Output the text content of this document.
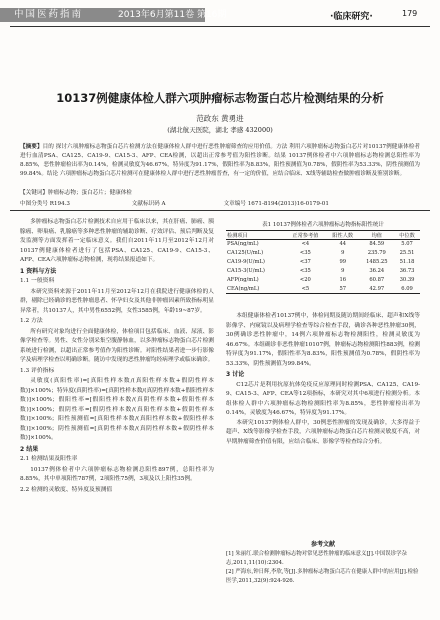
中国医药指南	2013年6月第11卷 第16期	·临床研究·	179
10137例健康体检人群六项肿瘤标志物蛋白芯片检测结果的分析
范政东 黄勇进
(湖北航天医院，湖北 孝感 432000)
【摘要】目的 探讨六项肿瘤标志物蛋白芯片检测方法在健康体检人群中进行恶性肿瘤筛查的应用价值。方法 利用六项肿瘤标志物蛋白芯片对10137例健康体检者进行血清PSA、CA125、CA19-9、CA15-3、AFP、CEA检测，以超出正常参考值为阳性诊断。结果 10137例体检者中六项肿瘤标志物检测总阳性率为8.85%，恶性肿瘤检出率为0.14%，检测灵敏度为46.67%，特异度为91.17%，假阳性率为8.83%，阳性预测值为0.78%，假阴性率为53.33%，阴性预测值为99.84%。结论 六项肿瘤标志物蛋白芯片检测可在健康体检人群中进行恶性肿瘤普查，有一定的价值，应结合临床、X线等辅助检查做肿瘤诊断及鉴别诊断。
【关键词】肿瘤标志物；蛋白芯片；健康体检
中图分类号 R194.3	文献标识码 A	文章编号 1671-8194(2013)16-0179-01

多肿瘤标志物蛋白芯片检测技术自应用于临床以来，其在肝癌、肺癌、胰腺癌、卵巢癌、乳腺癌等多种恶性肿瘤的辅助诊断、疗效评估、预后判断及复发监测等方面发挥着一定临床意义。我们自2011年11月至2012年12月对10137例健康体检者进行了包括PSA、CA125、CA19-9、CA15-3、AFP、CEA六项肿瘤标志物检测，现将结果报道如下。

1 资料与方法
1.1 一般资料

本研究资料来源于2011年11月至2012年12月在我院进行健康体检的人群，剔除已经确诊的恶性肿瘤患者、怀孕妇女及其他非肿瘤因素所致指标明显异常者，共10137人，其中男性6552例，女性3585例，年龄19~87岁。

1.2 方法

所有研究对象均进行全面健康体检，体检项目包括临床、血液、尿液、影像学检查等。男性、女性分别采集空腹静脉血，以多肿瘤标志物蛋白芯片检测系统进行检测，以超出正常参考值作为阳性诊断。对阳性结果者进一步行影像学及病理学检查以明确诊断。随访中发现的恶性肿瘤均经病理学或临床确诊。

1.3 评价指标

灵敏度(真阳性率)=[真阳性样本数/(真阳性样本数+假阴性样本数)]×100%；特异度(真阴性率)=[真阴性样本数/(真阴性样本数+假阳性样本数)]×100%；假阳性率=[假阳性样本数/(真阴性样本数+假阳性样本数)]×100%；假阴性率=[假阴性样本数/(真阳性样本数+假阴性样本数)]×100%；阳性预测值=[真阳性样本数/(真阳性样本数+假阳性样本数)]×100%；阴性预测值=[真阴性样本数/(真阴性样本数+假阴性样本数)]×100%。

2 结果
2.1 检测结果及阳性率

10137例体检者中六项肿瘤标志物检测总阳性897例，总阳性率为8.85%，其中单项阳性787例，2项阳性75例，3项及以上阳性35例。

2.2 检测的灵敏度、特异度及预测值
表1 10137例体检者六项肿瘤标志物指标阳性统计
检测项目	正常参考值	阳性人数	均值	中位数
PSA(ng/mL)	<4	44	84.59	5.07
CA125(U/mL)	<35	9	235.79	25.51
CA19-9(U/mL)	<37	99	1485.25	51.18
CA15-3(U/mL)	<35	9	36.24	36.73
AFP(ng/mL)	<20	16	60.87	30.39
CEA(ng/mL)	<5	57	42.97	6.09

本组健康体检者10137例中，体检同期及随访期间经临床、超声和X线等影像学、内窥镜以及病理学检查等综合检查手段，确诊各种恶性肿瘤30例，30例确诊恶性肿瘤中，14例六项肿瘤标志物检测阳性，检测灵敏度为46.67%。本组确诊非恶性肿瘤10107例，肿瘤标志物检测阳性883例，检测特异度为91.17%，假阳性率为8.83%，阳性预测值为0.78%，假阴性率为53.33%，阴性预测值为99.84%。

3 讨论

C12芯片是利用抗原抗体免疫反应原理同时检测PSA、CA125、CA19-9、CA15-3、AFP、CEA等12项指标，本研究对其中6项进行检测分析。本组体检人群中六项肿瘤标志物检测阳性率为8.85%，恶性肿瘤检出率为0.14%，灵敏度为46.67%，特异度为91.17%。

本研究10137例体检人群中，30例恶性肿瘤的发现及确诊，大多得益于超声、X线等影像学检查手段，六项肿瘤标志物蛋白芯片检测灵敏度不高，对早期肿瘤筛查价值有限，应结合临床、影像学等检查综合分析。

参考文献
[1] 朱丽红.联合检测肿瘤标志物对常见恶性肿瘤的临床意义[J].中国误诊学杂志,2011,11(10):2304.
[2] 严海东,钟日辉,李欣,等[J].多肿瘤标志物蛋白芯片在健康人群中的应用[J].检验医学,2011,32(9):924-926.
